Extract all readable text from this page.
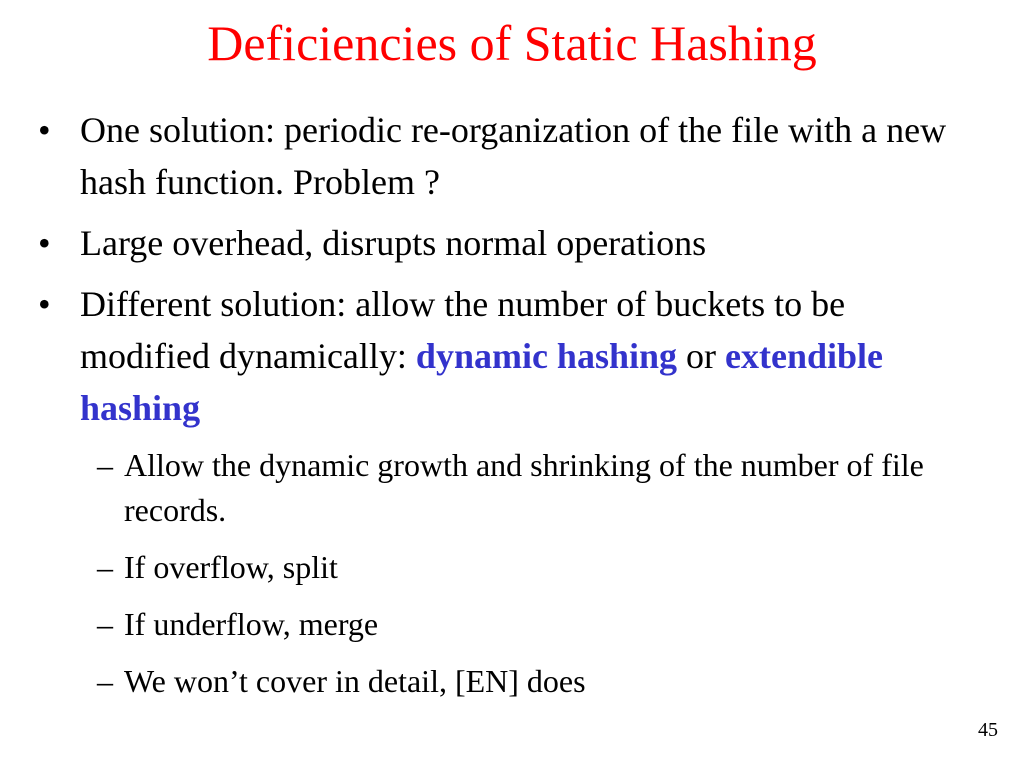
Deficiencies of Static Hashing
• One solution: periodic re-organization of the file with a new hash function. Problem ?
• Large overhead, disrupts normal operations
• Different solution: allow the number of buckets to be modified dynamically: dynamic hashing or extendible hashing
– Allow the dynamic growth and shrinking of the number of file records.
– If overflow, split
– If underflow, merge
– We won’t cover in detail, [EN] does
45
